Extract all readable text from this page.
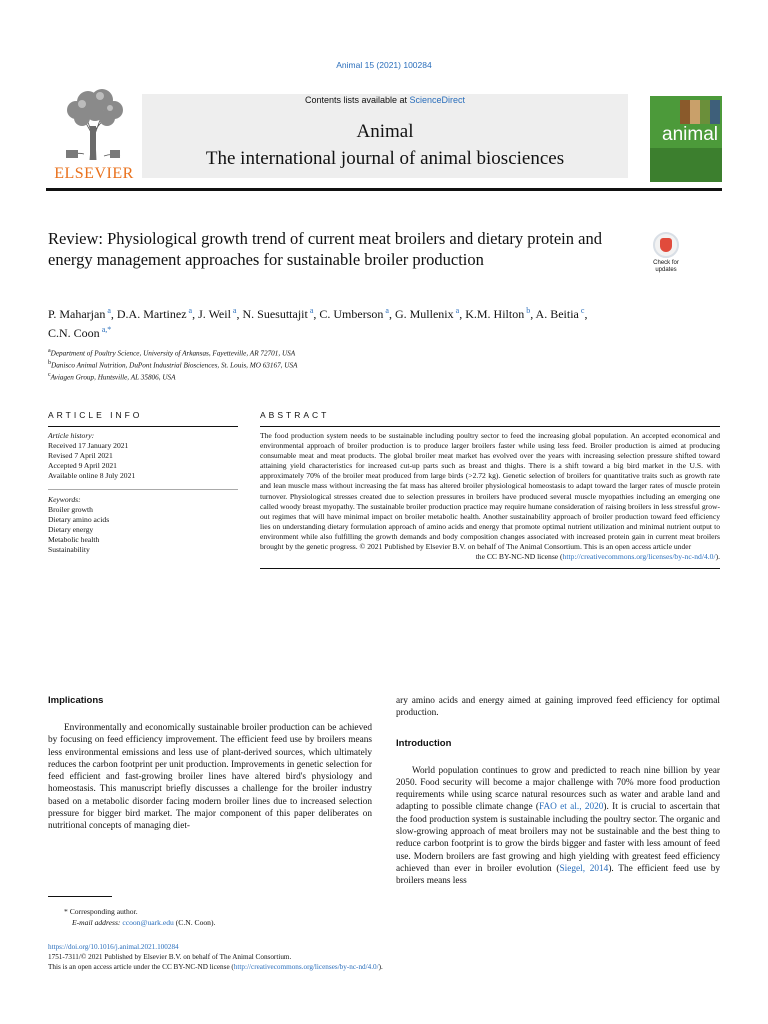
Animal 15 (2021) 100284
ELSEVIER
Contents lists available at ScienceDirect
Animal
The international journal of animal biosciences
animal
Review: Physiological growth trend of current meat broilers and dietary protein and energy management approaches for sustainable broiler production	Check for updates
P. Maharjan $^a$, D.A. Martinez $^a$, J. Weil $^a$, N. Suesuttajit $^a$, C. Umberson $^a$, G. Mullenix $^a$, K.M. Hilton $^b$, A. Beitia $^c$,
C.N. Coon $^{a,*}$
$^a$Department of Poultry Science, University of Arkansas, Fayetteville, AR 72701, USA
$^b$Danisco Animal Nutrition, DuPont Industrial Biosciences, St. Louis, MO 63167, USA
$^c$Aviagen Group, Huntsville, AL 35806, USA
ARTICLE INFO
Article history:
Received 17 January 2021
Revised 7 April 2021
Accepted 9 April 2021
Available online 8 July 2021
Keywords:
Broiler growth
Dietary amino acids
Dietary energy
Metabolic health
Sustainability
ABSTRACT

The food production system needs to be sustainable including poultry sector to feed the increasing global population. An accepted economical and environmental approach of broiler production is to produce larger broilers faster while using less feed. Broiler production is aimed at producing consumable meat and meat products. The global broiler meat market has evolved over the years with increasing selection pressure shifted toward attaining yield characteristics for increased cut-up parts such as breast and thighs. There is a shift toward a big bird market in the U.S. with approximately 70% of the broiler meat produced from large birds (>2.72 kg). Genetic selection of broilers for quantitative traits such as growth rate and lean muscle mass without increasing the fat mass has altered broiler physiological homeostasis to adapt toward the larger rates of muscle protein turnover. Physiological stresses created due to selection pressures in broilers have produced several muscle myopathies including an emerging one called woody breast myopathy. The sustainable broiler production practice may require humane consideration of raising broilers in less stressful grow-out regimes that will have minimal impact on broiler metabolic health. Another sustainability approach of broiler production toward feed efficiency lies on understanding dietary formulation approach of amino acids and energy that promote optimal nutrient utilization and minimal nutrient output to environment while also fulfilling the growth demands and body composition changes associated with increased protein gain in current meat broilers brought by the genetic progress. © 2021 Published by Elsevier B.V. on behalf of The Animal Consortium. This is an open access article under

the CC BY-NC-ND license (http://creativecommons.org/licenses/by-nc-nd/4.0/).
Implications

Environmentally and economically sustainable broiler production can be achieved by focusing on feed efficiency improvement. The efficient feed use by broilers means less environmental emissions and less use of plant-derived sources, which ultimately reduces the carbon footprint per unit production. Improvements in genetic selection for feed efficient and fast-growing broiler lines have altered bird's physiology and homeostasis. This manuscript briefly discusses a challenge for the broiler industry based on a metabolic disorder facing modern broiler lines due to increased selection pressure for bigger bird market. The major component of this paper deliberates on nutritional concepts of managing diet-

ary amino acids and energy aimed at gaining improved feed efficiency for optimal production.

Introduction

World population continues to grow and predicted to reach nine billion by year 2050. Food security will become a major challenge with 70% more food production requirements while using scarce natural resources such as water and arable land and adapting to possible climate change (FAO et al., 2020). It is crucial to ascertain that the food production system is sustainable including the poultry sector. The organic and slow-growing approach of meat broilers may not be sustainable and the best thing to reduce carbon footprint is to grow the birds bigger and faster with less amount of feed use. Modern broilers are fast growing and high yielding with greatest feed efficiency achieved than ever in broiler evolution (Siegel, 2014). The efficient feed use by broilers means less

* Corresponding author.
E-mail address: ccoon@uark.edu (C.N. Coon).
https://doi.org/10.1016/j.animal.2021.100284
1751-7311/© 2021 Published by Elsevier B.V. on behalf of The Animal Consortium.
This is an open access article under the CC BY-NC-ND license (http://creativecommons.org/licenses/by-nc-nd/4.0/).
